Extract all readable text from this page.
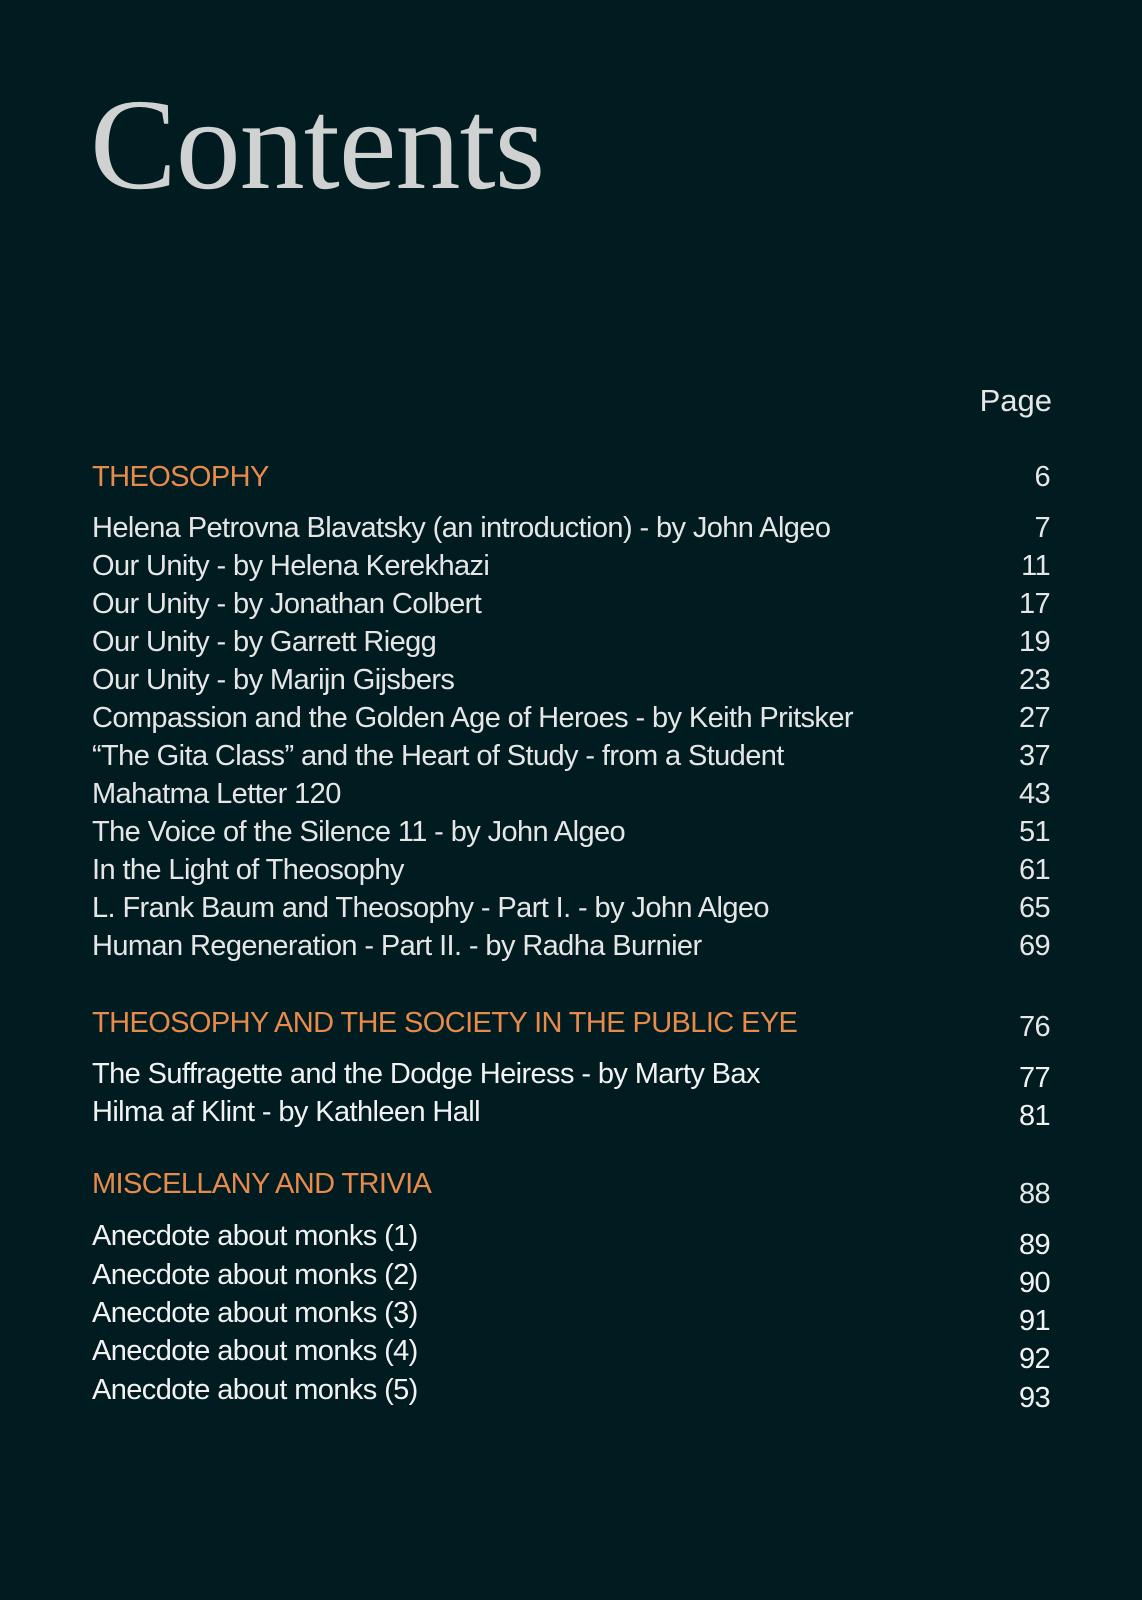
Contents
Page
THEOSOPHY	6
Helena Petrovna Blavatsky (an introduction) - by John Algeo	7
Our Unity - by Helena Kerekhazi	11
Our Unity - by Jonathan Colbert	17
Our Unity - by Garrett Riegg	19
Our Unity - by Marijn Gijsbers	23
Compassion and the Golden Age of Heroes - by Keith Pritsker	27
“The Gita Class” and the Heart of Study - from a Student	37
Mahatma Letter 120	43
The Voice of the Silence 11 - by John Algeo	51
In the Light of Theosophy	61
L. Frank Baum and Theosophy - Part I. - by John Algeo	65
Human Regeneration - Part II. - by Radha Burnier	69
THEOSOPHY AND THE SOCIETY IN THE PUBLIC EYE	76
The Suffragette and the Dodge Heiress - by Marty Bax	77
Hilma af Klint - by Kathleen Hall	81
MISCELLANY AND TRIVIA	88
Anecdote about monks (1)	89
Anecdote about monks (2)	90
Anecdote about monks (3)	91
Anecdote about monks (4)	92
Anecdote about monks (5)	93
